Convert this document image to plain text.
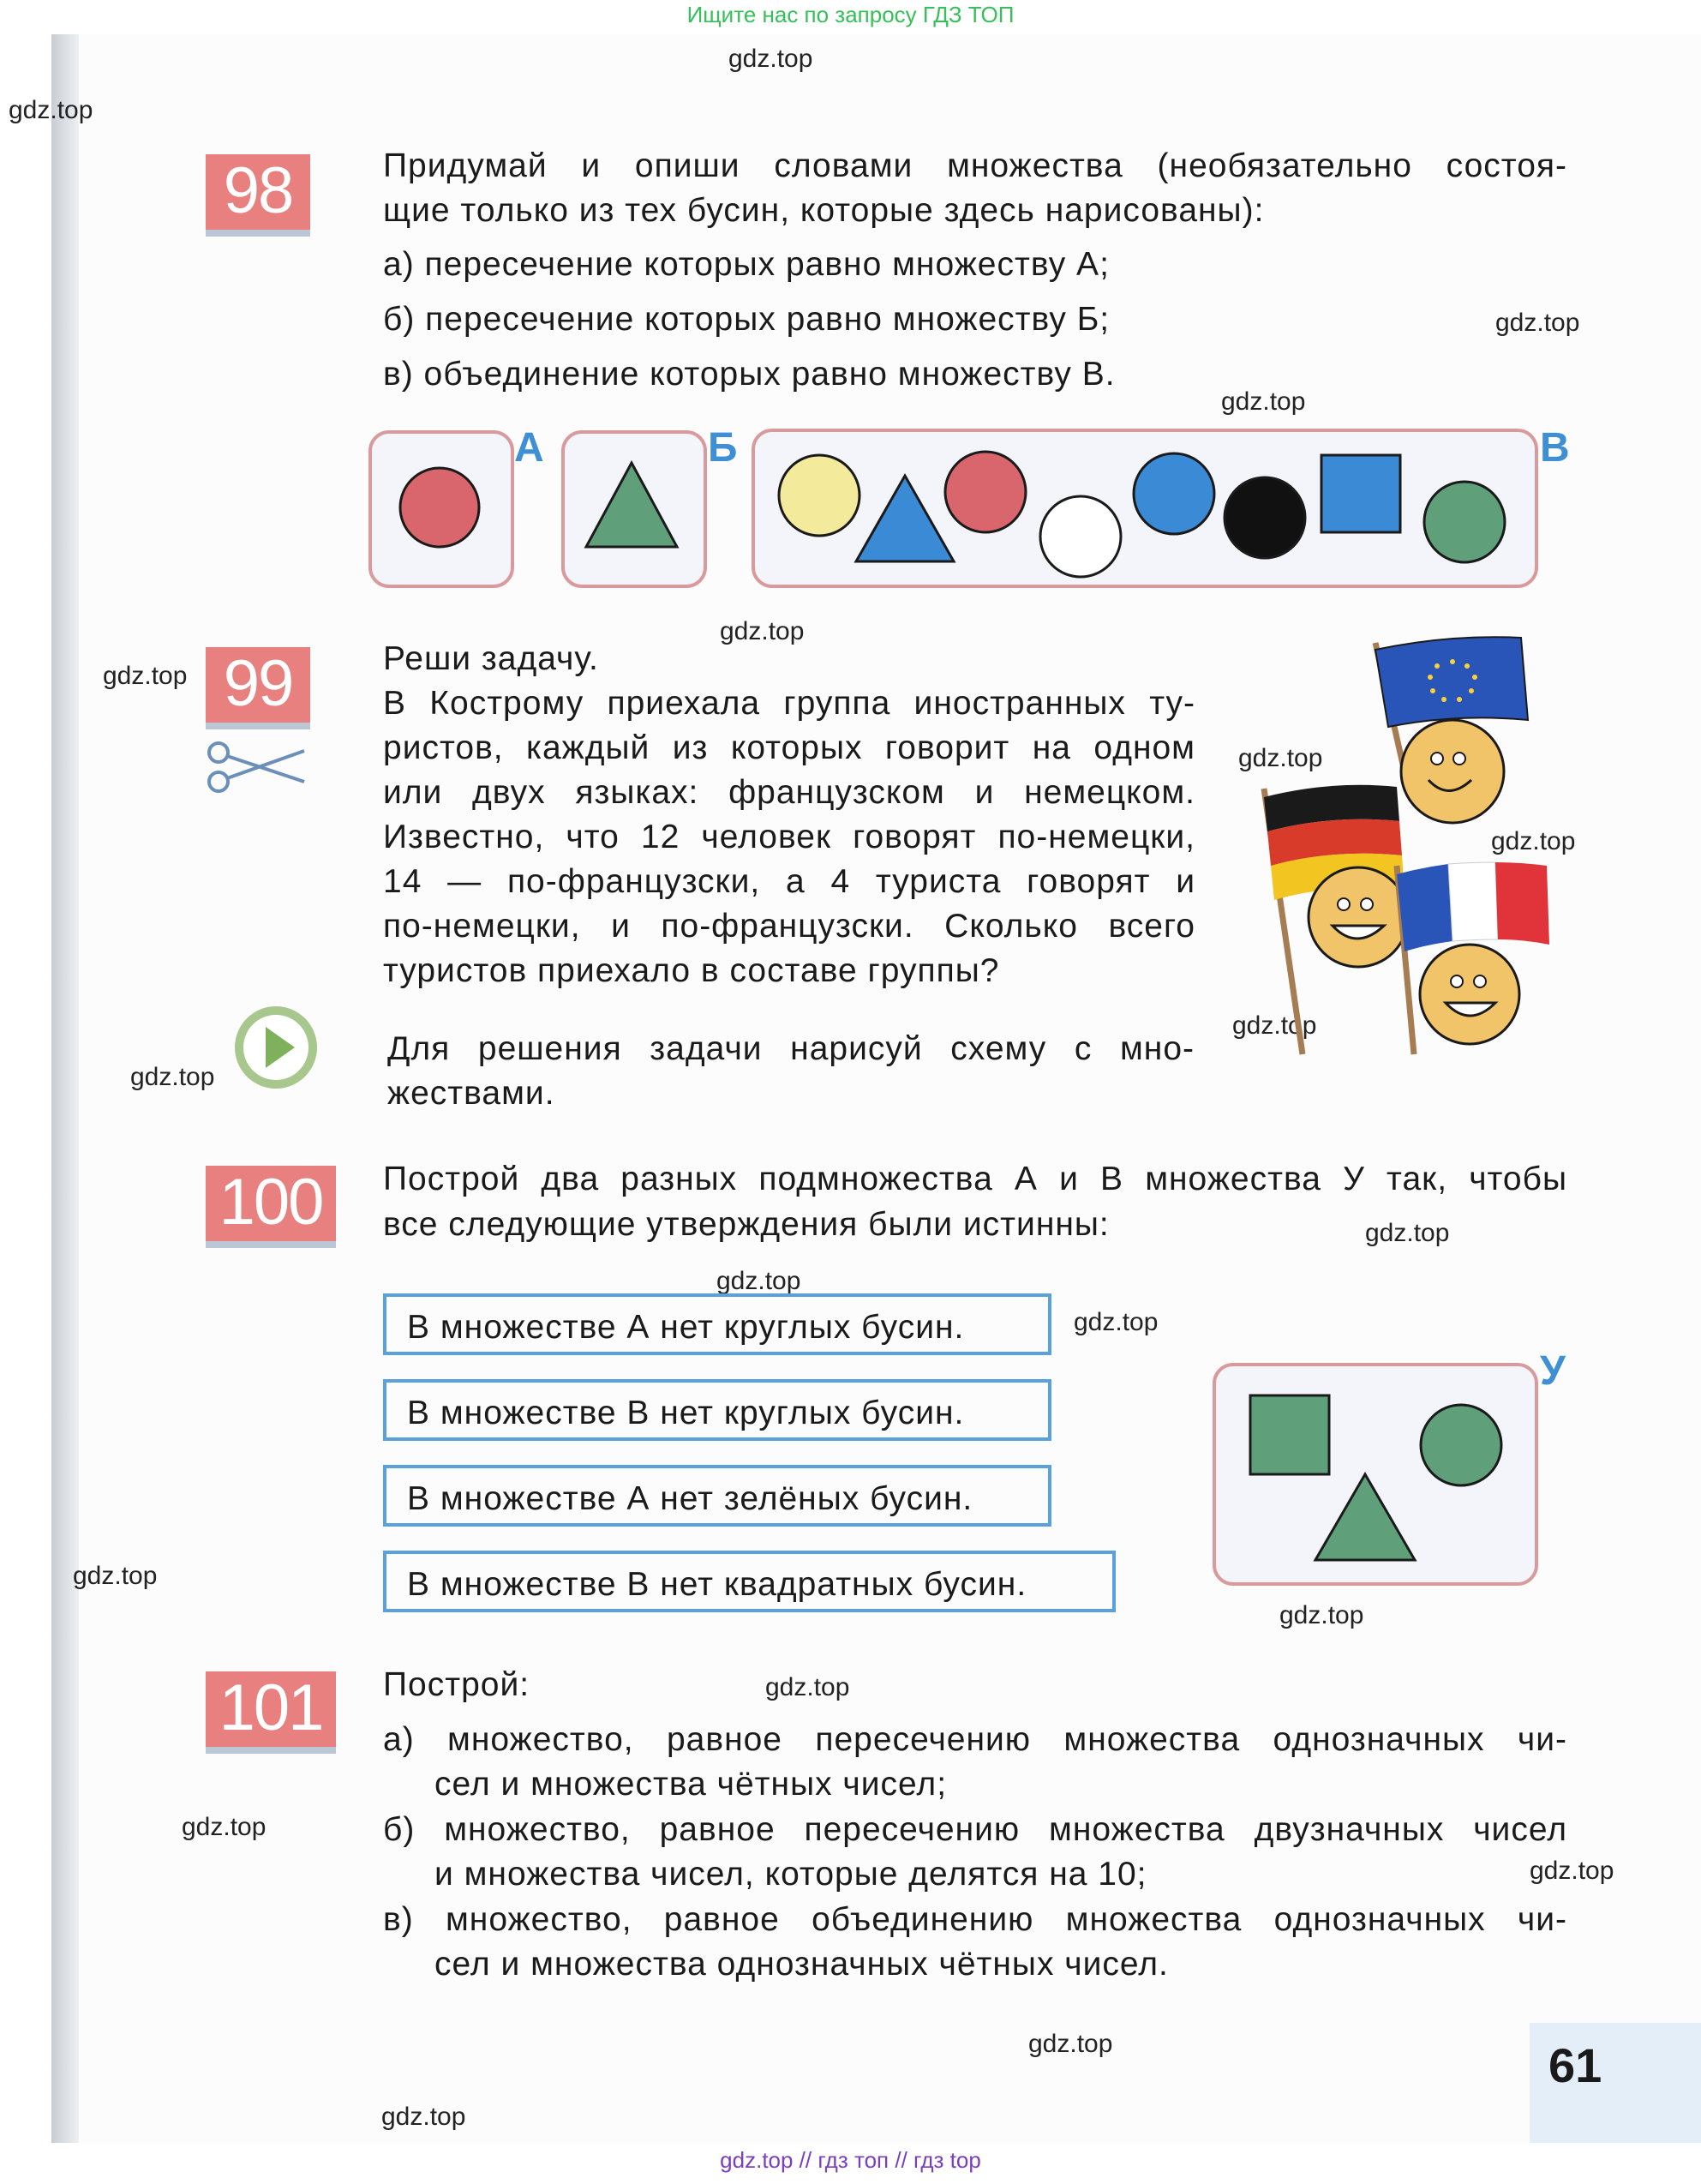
Ищите нас по запросу ГДЗ ТОП
gdz.top
gdz.top
gdz.top
gdz.top
gdz.top
gdz.top
gdz.top
gdz.top
gdz.top
gdz.top
gdz.top
gdz.top
gdz.top
gdz.top
gdz.top
gdz.top
gdz.top
gdz.top
gdz.top
gdz.top
98	Придумай и опиши словами множества (необязательно состоя-
щие только из тех бусин, которые здесь нарисованы):
а) пересечение которых равно множеству А;
б) пересечение которых равно множеству Б;
в) объединение которых равно множеству В.
А	Б	В
99	Реши задачу.
В Кострому приехала группа иностранных ту-
ристов, каждый из которых говорит на одном
или двух языках: французском и немецком.
Известно, что 12 человек говорят по-немецки,
14 — по-французски, а 4 туриста говорят и
по-немецки, и по-французски. Сколько всего
туристов приехало в составе группы?
Для решения задачи нарисуй схему с мно-
жествами.
100	Построй два разных подмножества А и В множества У так, чтобы
все следующие утверждения были истинны:
В множестве А нет круглых бусин.
В множестве В нет круглых бусин.
В множестве А нет зелёных бусин.
В множестве В нет квадратных бусин.
У
101	Построй:
а) множество, равное пересечению множества однозначных чи-
сел и множества чётных чисел;
б) множество, равное пересечению множества двузначных чисел
и множества чисел, которые делятся на 10;
в) множество, равное объединению множества однозначных чи-
сел и множества однозначных чётных чисел.
61
gdz.top // гдз топ // гдз top
